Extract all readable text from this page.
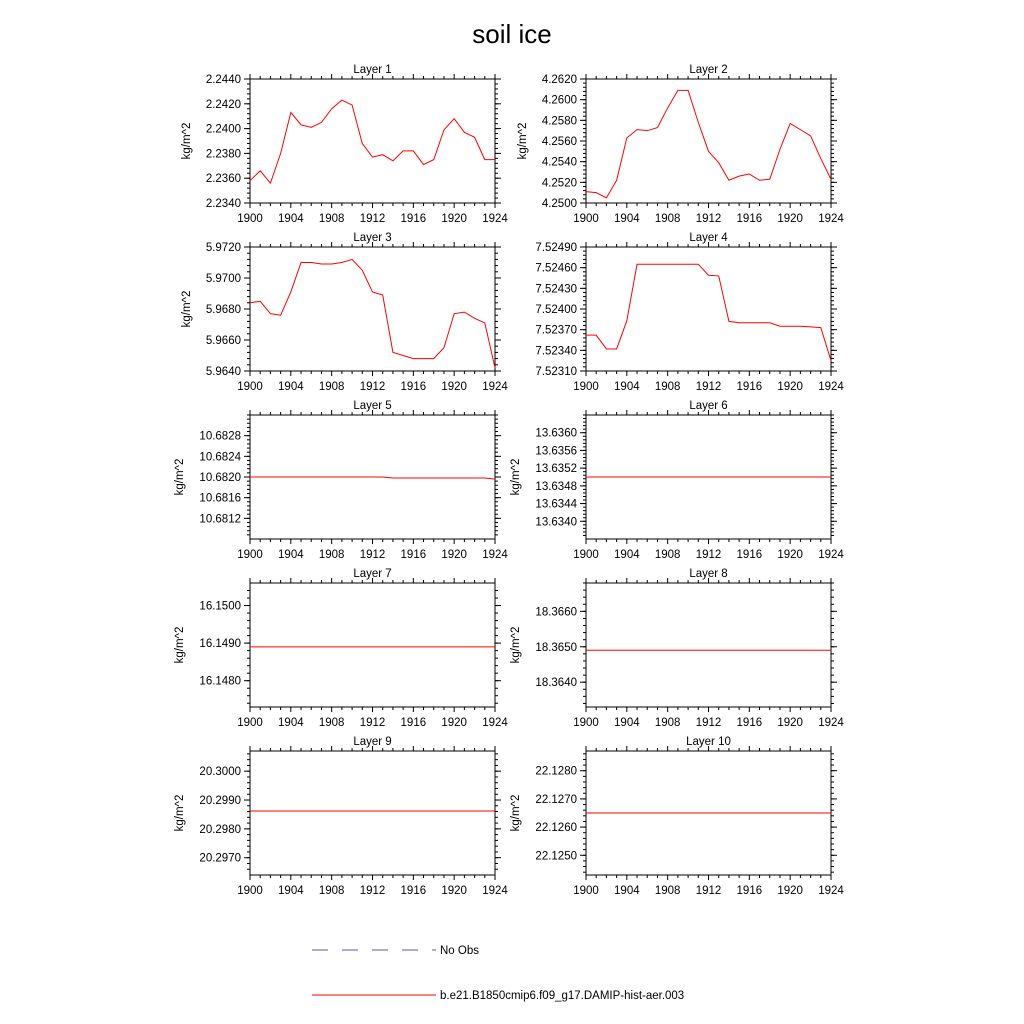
soil ice
Layer 1
1900 1904 1908 1912 1916 1920 1924
2.2340
2.2360
2.2380
2.2400
2.2420
2.2440
kg/m^2
Layer 2
1900 1904 1908 1912 1916 1920 1924
4.2500
4.2520
4.2540
4.2560
4.2580
4.2600
4.2620
kg/m^2
Layer 3
1900 1904 1908 1912 1916 1920 1924
5.9640
5.9660
5.9680
5.9700
5.9720
kg/m^2
Layer 4
1900 1904 1908 1912 1916 1920 1924
7.52310
7.52340
7.52370
7.52400
7.52430
7.52460
7.52490
Layer 5
1900 1904 1908 1912 1916 1920 1924
10.6812
10.6816
10.6820
10.6824
10.6828
kg/m^2
Layer 6
1900 1904 1908 1912 1916 1920 1924
13.6340
13.6344
13.6348
13.6352
13.6356
13.6360
kg/m^2
Layer 7
1900 1904 1908 1912 1916 1920 1924
16.1480
16.1490
16.1500
kg/m^2
Layer 8
1900 1904 1908 1912 1916 1920 1924
18.3640
18.3650
18.3660
kg/m^2
Layer 9
1900 1904 1908 1912 1916 1920 1924
20.2970
20.2980
20.2990
20.3000
kg/m^2
Layer 10
1900 1904 1908 1912 1916 1920 1924
22.1250
22.1260
22.1270
22.1280
kg/m^2
No Obs
b.e21.B1850cmip6.f09_g17.DAMIP-hist-aer.003
